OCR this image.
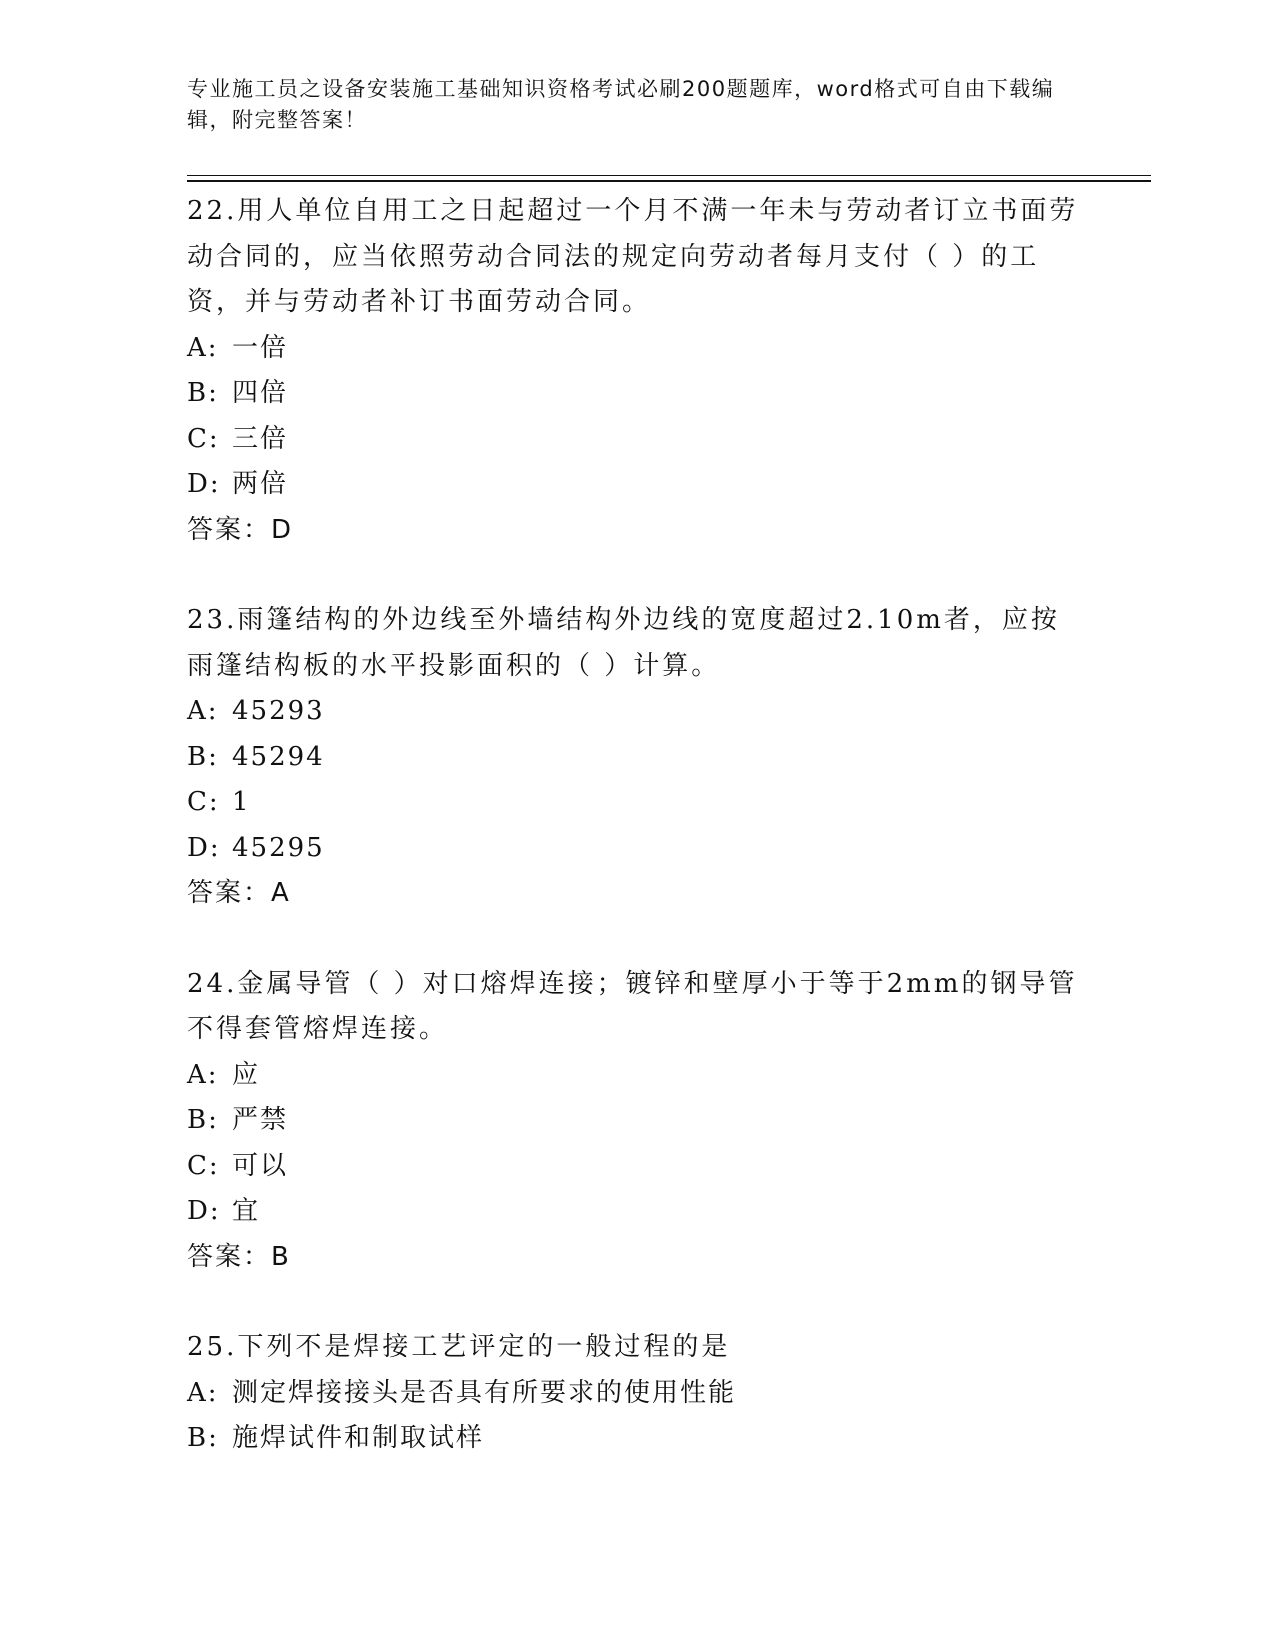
专业施工员之设备安装施工基础知识资格考试必刷200题题库，word格式可自由下载编辑，附完整答案！

22.用人单位自用工之日起超过一个月不满一年未与劳动者订立书面劳动合同的，应当依照劳动合同法的规定向劳动者每月支付（ ）的工资，并与劳动者补订书面劳动合同。

A: 一倍
B: 四倍
C: 三倍
D: 两倍
答案：D

23.雨篷结构的外边线至外墙结构外边线的宽度超过2.10m者，应按雨篷结构板的水平投影面积的（ ）计算。

A: 45293
B: 45294
C: 1
D: 45295
答案：A

24.金属导管（ ）对口熔焊连接；镀锌和壁厚小于等于2mm的钢导管不得套管熔焊连接。

A: 应
B: 严禁
C: 可以
D: 宜
答案：B

25.下列不是焊接工艺评定的一般过程的是

A: 测定焊接接头是否具有所要求的使用性能
B: 施焊试件和制取试样
